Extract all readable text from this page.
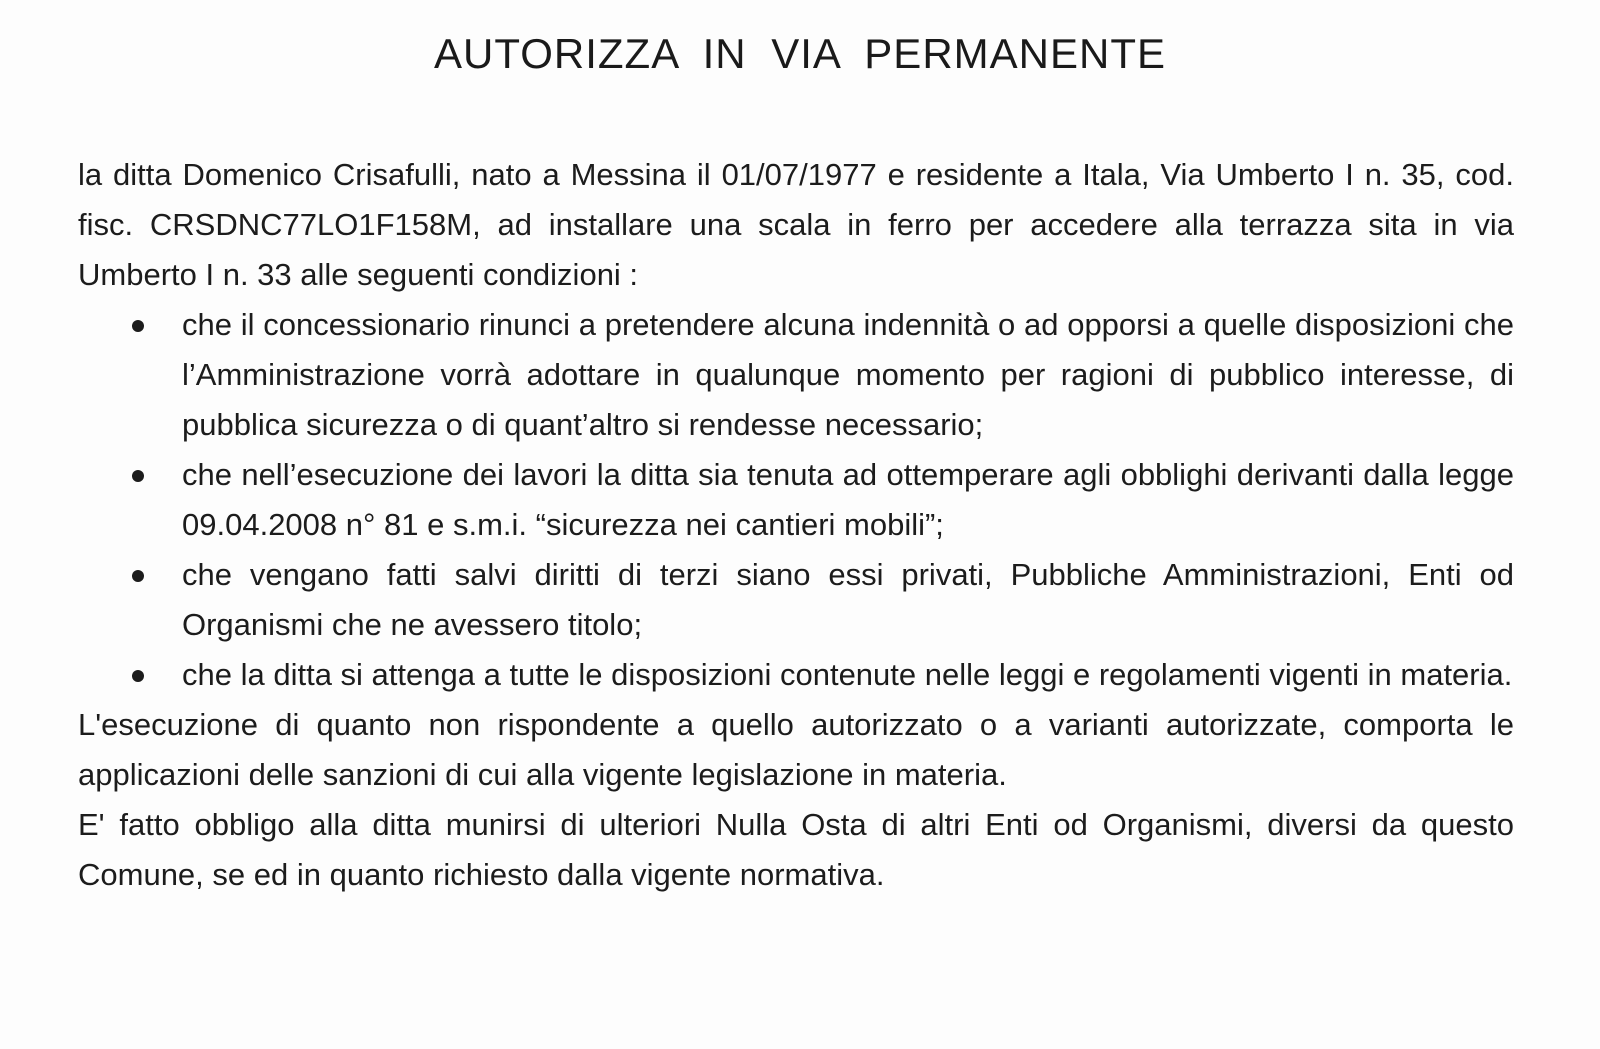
AUTORIZZA IN VIA PERMANENTE

la ditta Domenico Crisafulli, nato a Messina il 01/07/1977 e residente a Itala, Via Umberto I n. 35, cod. fisc. CRSDNC77LO1F158M, ad installare una scala in ferro per accedere alla terrazza sita in via Umberto I n. 33 alle seguenti condizioni :

che il concessionario rinunci a pretendere alcuna indennità o ad opporsi a quelle disposizioni che l’Amministrazione vorrà adottare in qualunque momento per ragioni di pubblico interesse, di pubblica sicurezza o di quant’altro si rendesse necessario;
che nell’esecuzione dei lavori la ditta sia tenuta ad ottemperare agli obblighi derivanti dalla legge 09.04.2008 n° 81 e s.m.i. “sicurezza nei cantieri mobili”;
che vengano fatti salvi diritti di terzi siano essi privati, Pubbliche Amministrazioni, Enti od Organismi che ne avessero titolo;
che la ditta si attenga a tutte le disposizioni contenute nelle leggi e regolamenti vigenti in materia.

L'esecuzione di quanto non rispondente a quello autorizzato o a varianti autorizzate, comporta le applicazioni delle sanzioni di cui alla vigente legislazione in materia.

E' fatto obbligo alla ditta munirsi di ulteriori Nulla Osta di altri Enti od Organismi, diversi da questo Comune, se ed in quanto richiesto dalla vigente normativa.
